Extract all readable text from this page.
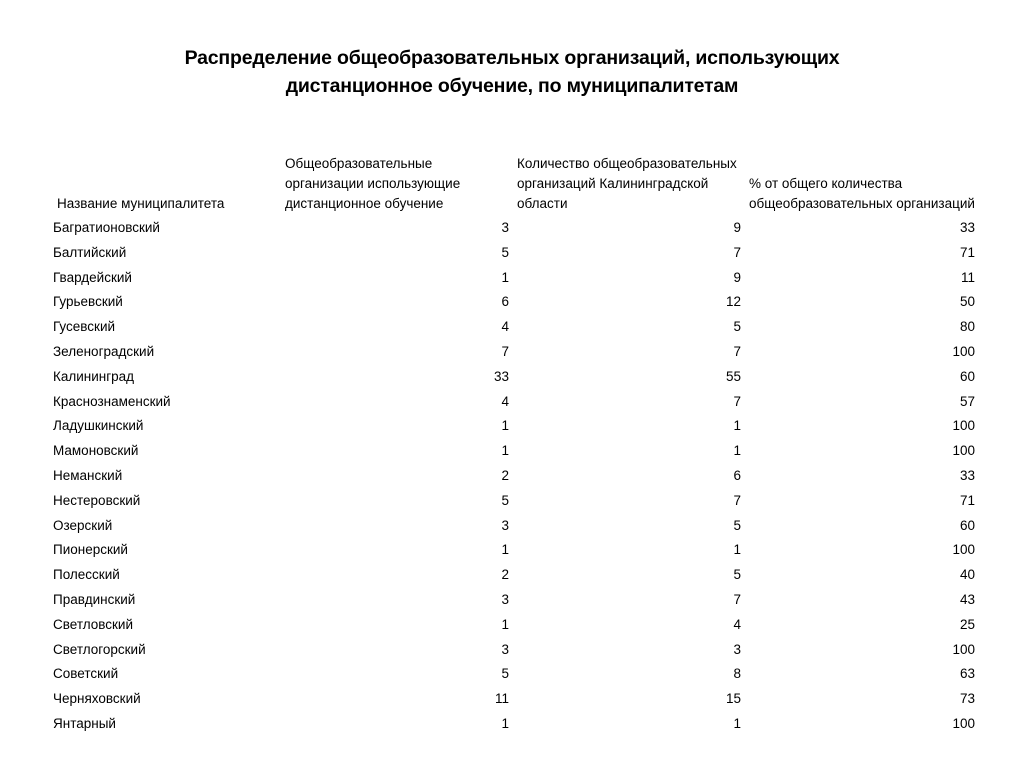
Распределение общеобразовательных организаций, использующих
дистанционное обучение, по муниципалитетам
Название муниципалитета	Общеобразовательные организации использующие дистанционное обучение	Количество общеобразовательных организаций Калининградской области	% от общего количества общеобразовательных организаций
Багратионовский	3	9	33
Балтийский	5	7	71
Гвардейский	1	9	11
Гурьевский	6	12	50
Гусевский	4	5	80
Зеленоградский	7	7	100
Калининград	33	55	60
Краснознаменский	4	7	57
Ладушкинский	1	1	100
Мамоновский	1	1	100
Неманский	2	6	33
Нестеровский	5	7	71
Озерский	3	5	60
Пионерский	1	1	100
Полесский	2	5	40
Правдинский	3	7	43
Светловский	1	4	25
Светлогорский	3	3	100
Советский	5	8	63
Черняховский	11	15	73
Янтарный	1	1	100
